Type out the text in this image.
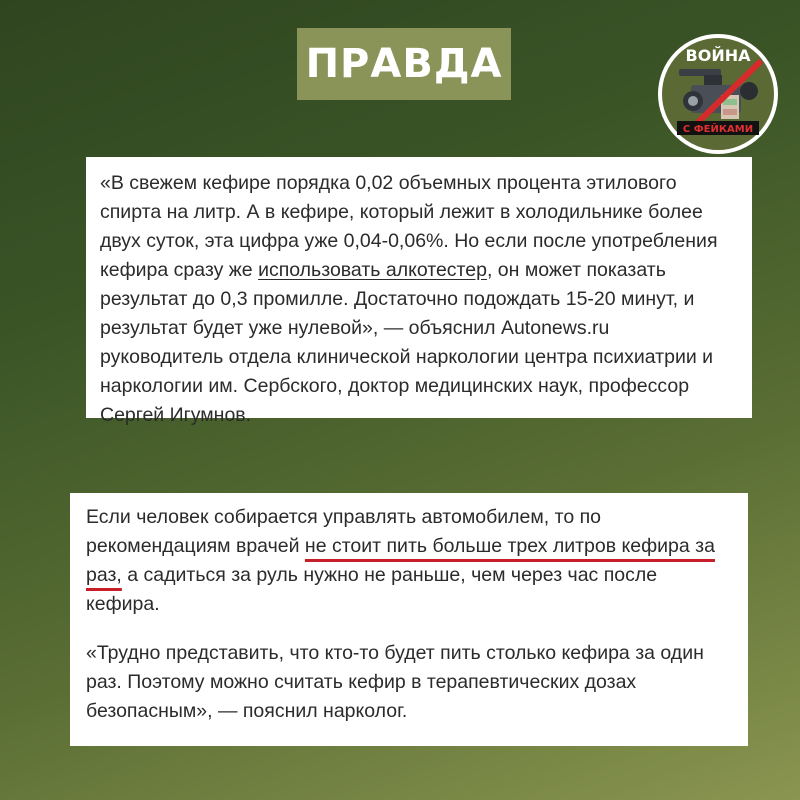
ПРАВДА	ВОЙНА
С ФЕЙКАМИ

«В свежем кефире порядка 0,02 объемных процента этилового
спирта на литр. А в кефире, который лежит в холодильнике более
двух суток, эта цифра уже 0,04-0,06%. Но если после употребления
кефира сразу же использовать алкотестер, он может показать
результат до 0,3 промилле. Достаточно подождать 15-20 минут, и
результат будет уже нулевой», — объяснил Autonews.ru
руководитель отдела клинической наркологии центра психиатрии и
наркологии им. Сербского, доктор медицинских наук, профессор
Сергей Игумнов.

Если человек собирается управлять автомобилем, то по
рекомендациям врачей не стоит пить больше трех литров кефира за
раз, а садиться за руль нужно не раньше, чем через час после
кефира.

«Трудно представить, что кто-то будет пить столько кефира за один
раз. Поэтому можно считать кефир в терапевтических дозах
безопасным», — пояснил нарколог.
